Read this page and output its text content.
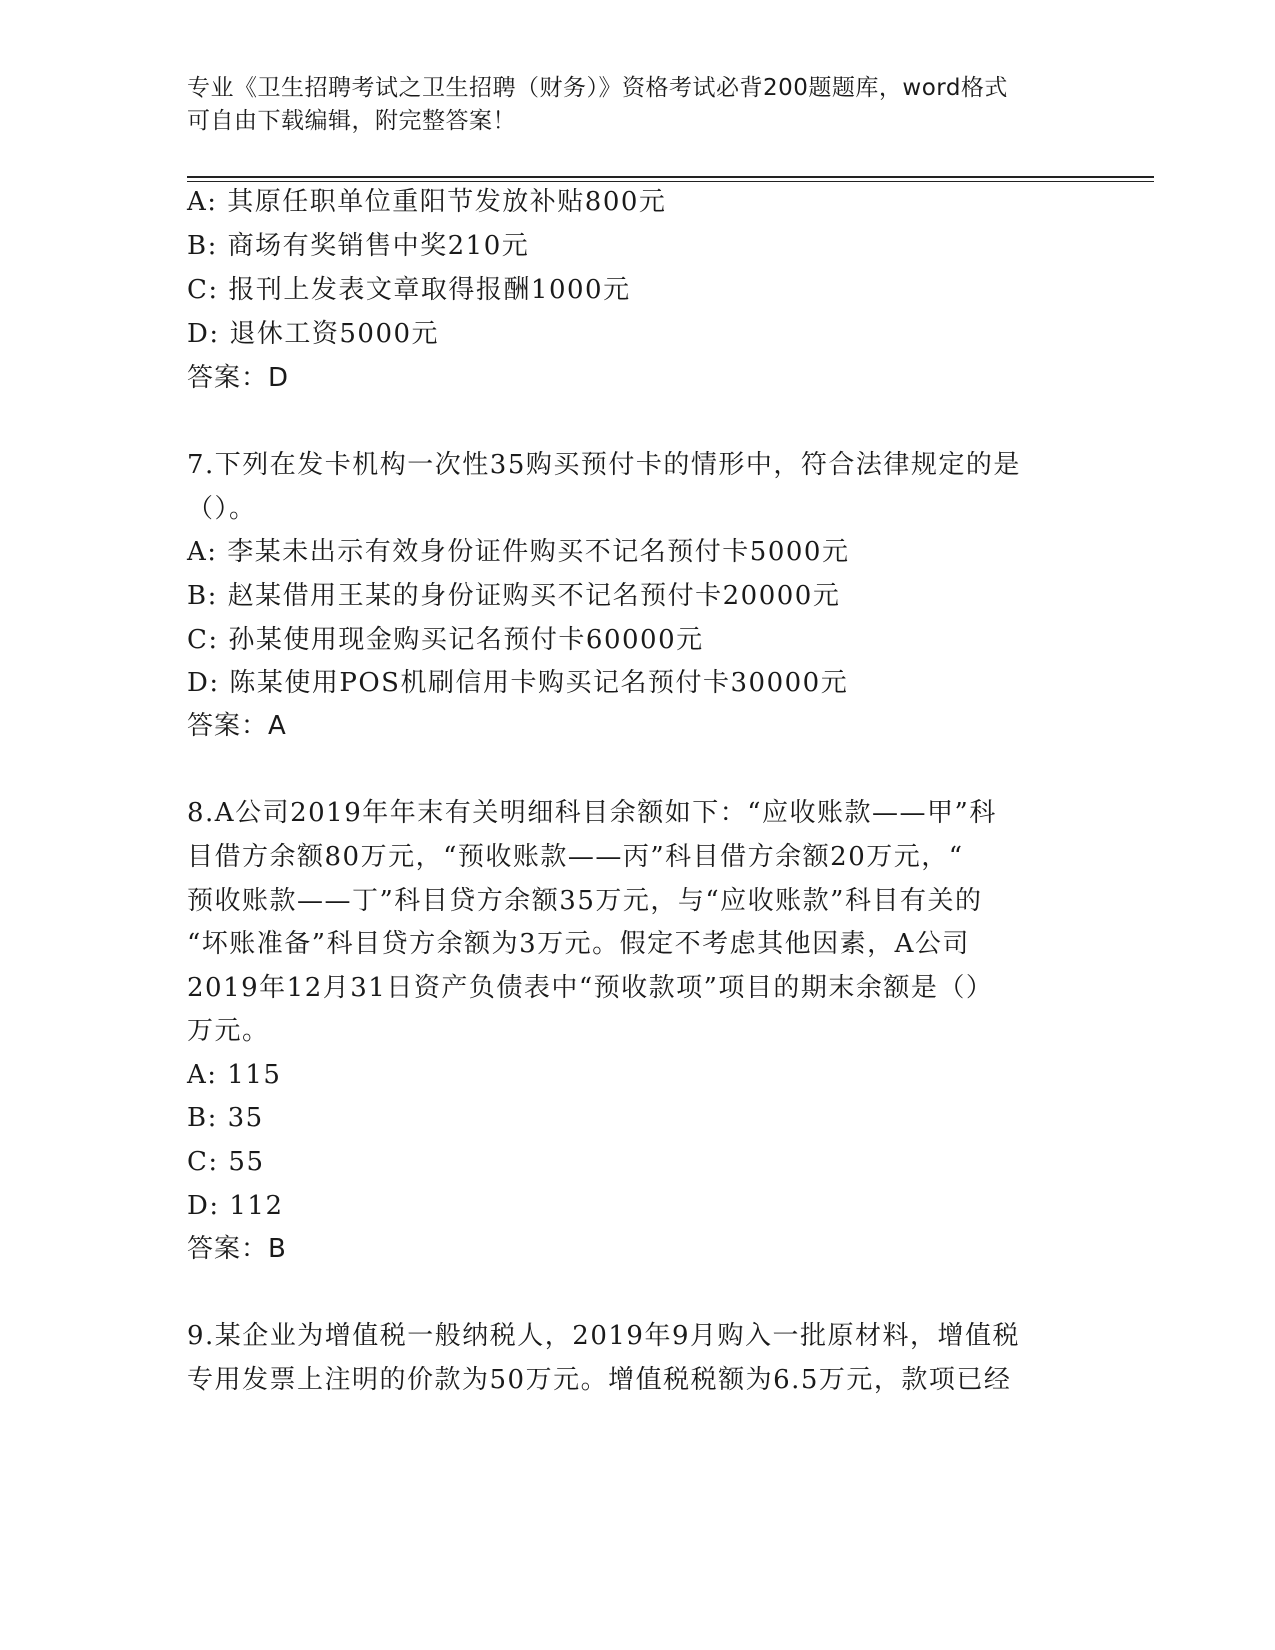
专业《卫生招聘考试之卫生招聘（财务）》资格考试必背200题题库，word格式
可自由下载编辑，附完整答案！
A: 其原任职单位重阳节发放补贴800元
B: 商场有奖销售中奖210元
C: 报刊上发表文章取得报酬1000元
D: 退休工资5000元
答案：D
7.下列在发卡机构一次性35购买预付卡的情形中，符合法律规定的是
（）。
A: 李某未出示有效身份证件购买不记名预付卡5000元
B: 赵某借用王某的身份证购买不记名预付卡20000元
C: 孙某使用现金购买记名预付卡60000元
D: 陈某使用POS机刷信用卡购买记名预付卡30000元
答案：A
8.A公司2019年年末有关明细科目余额如下：“应收账款——甲”科
目借方余额80万元，“预收账款——丙”科目借方余额20万元，“
预收账款——丁”科目贷方余额35万元，与“应收账款”科目有关的
“坏账准备”科目贷方余额为3万元。假定不考虑其他因素，A公司
2019年12月31日资产负债表中“预收款项”项目的期末余额是（）
万元。
A: 115
B: 35
C: 55
D: 112
答案：B
9.某企业为增值税一般纳税人，2019年9月购入一批原材料，增值税
专用发票上注明的价款为50万元。增值税税额为6.5万元，款项已经
